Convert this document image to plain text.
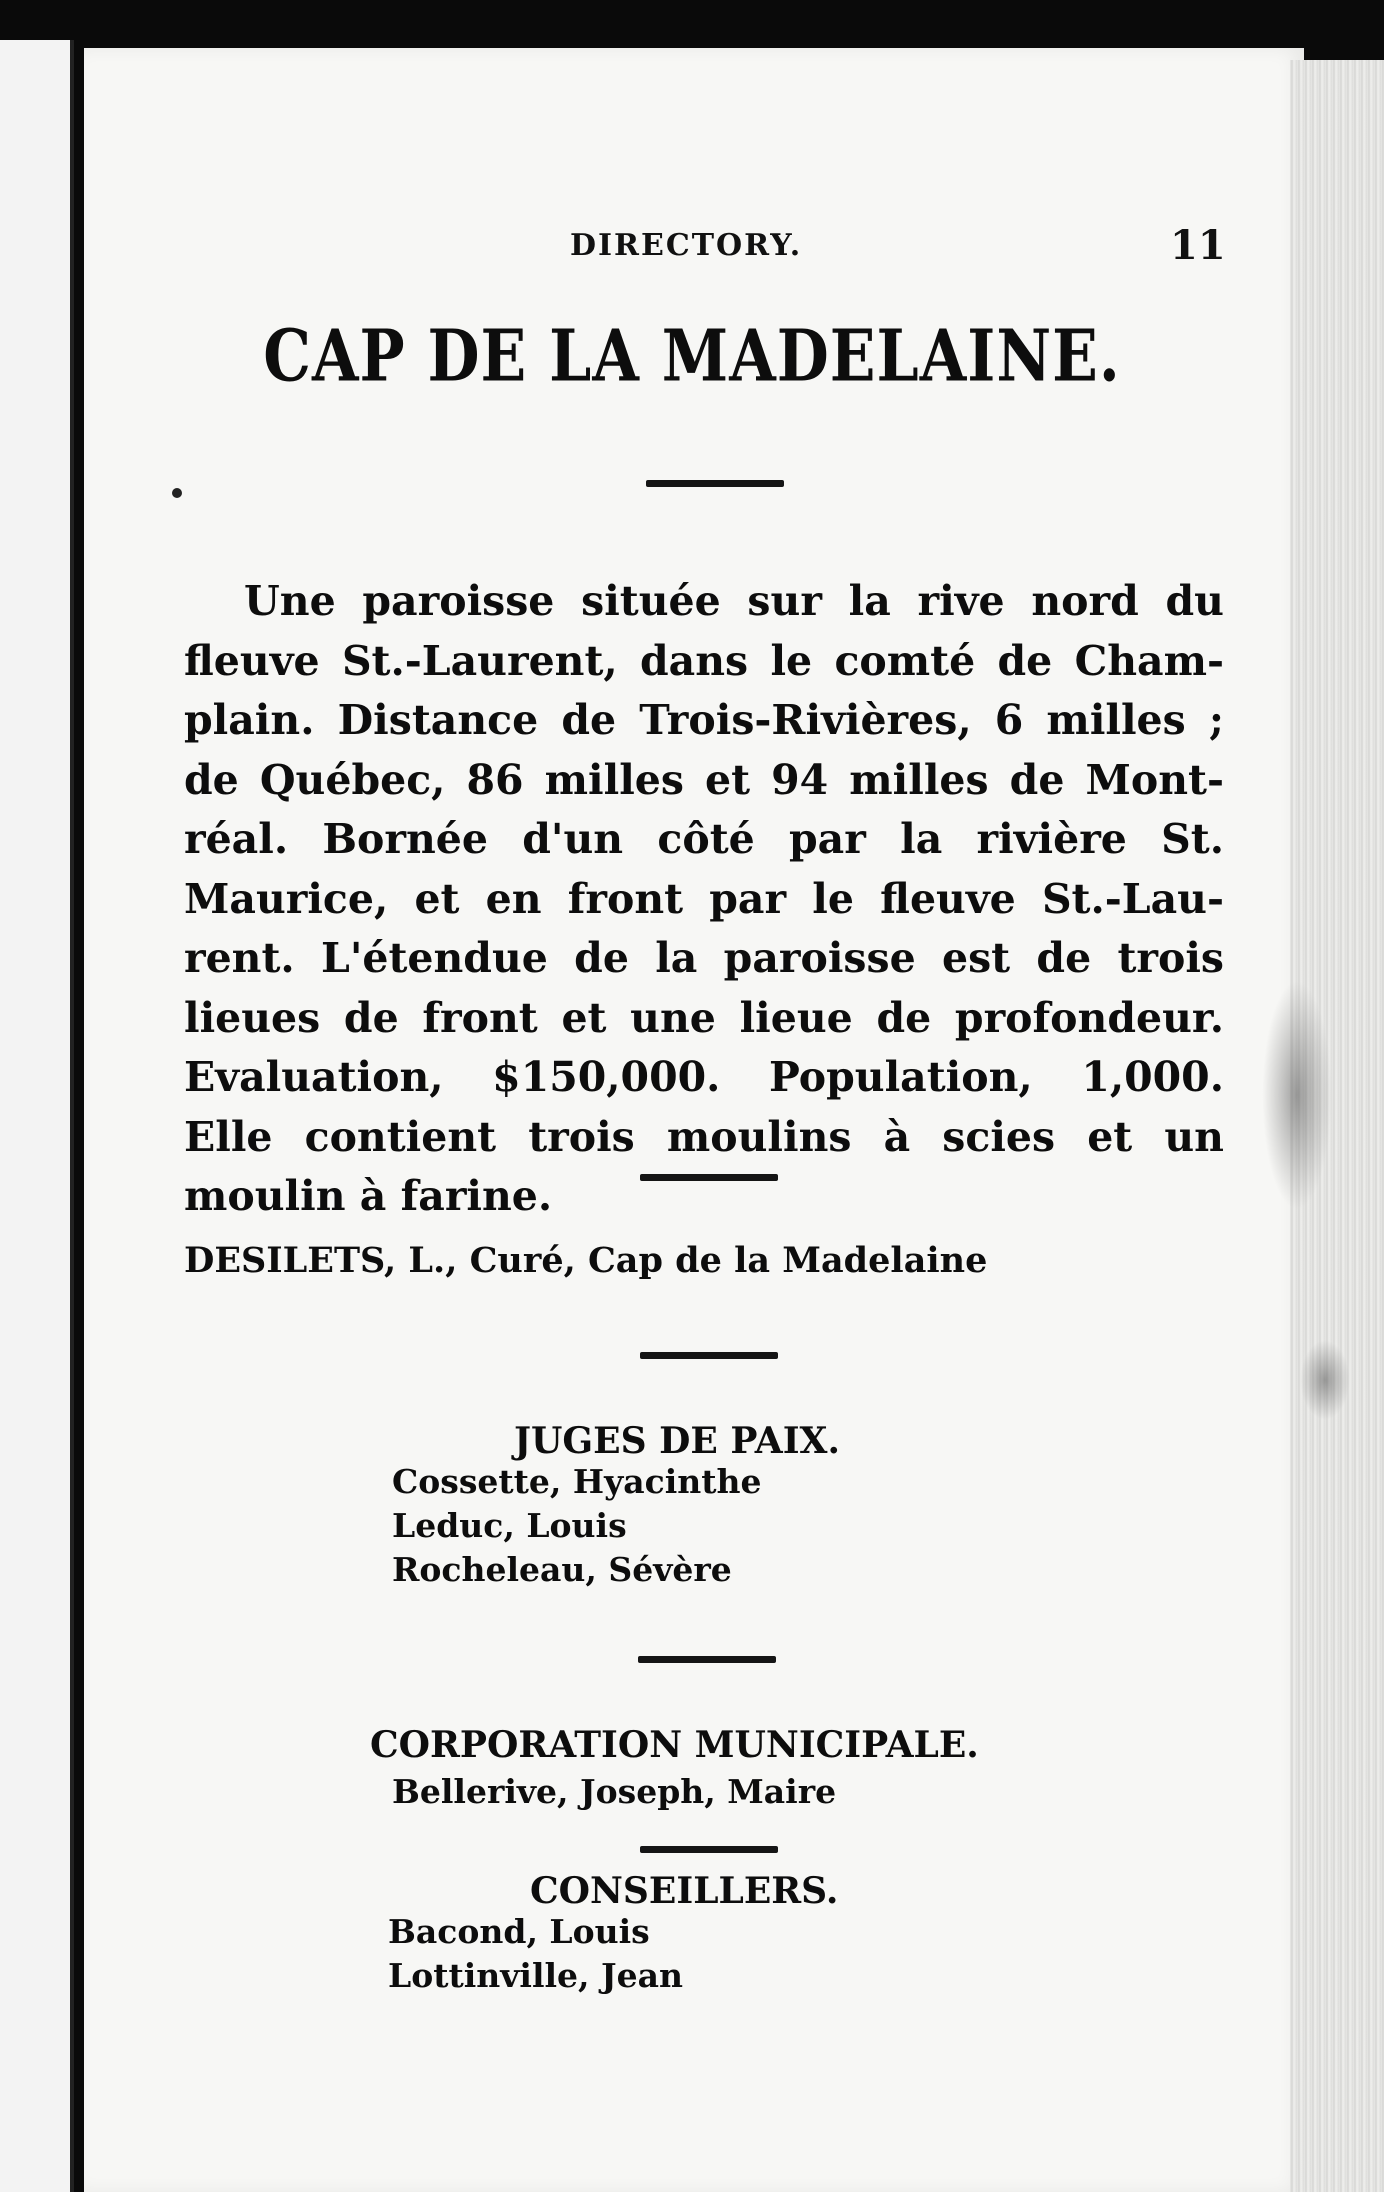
DIRECTORY.	11
CAP DE LA MADELAINE.
Une paroisse située sur la rive nord du
fleuve St.-Laurent, dans le comté de Cham-
plain. Distance de Trois-Rivières, 6 milles ;
de Québec, 86 milles et 94 milles de Mont-
réal. Bornée d'un côté par la rivière St.
Maurice, et en front par le fleuve St.-Lau-
rent. L'étendue de la paroisse est de trois
lieues de front et une lieue de profondeur.
Evaluation, $150,000. Population, 1,000.
Elle contient trois moulins à scies et un
moulin à farine.
DESILETS, L., Curé, Cap de la Madelaine
JUGES DE PAIX.
Cossette, Hyacinthe
Leduc, Louis
Rocheleau, Sévère
CORPORATION MUNICIPALE.
Bellerive, Joseph, Maire
CONSEILLERS.
Bacond, Louis
Lottinville, Jean
